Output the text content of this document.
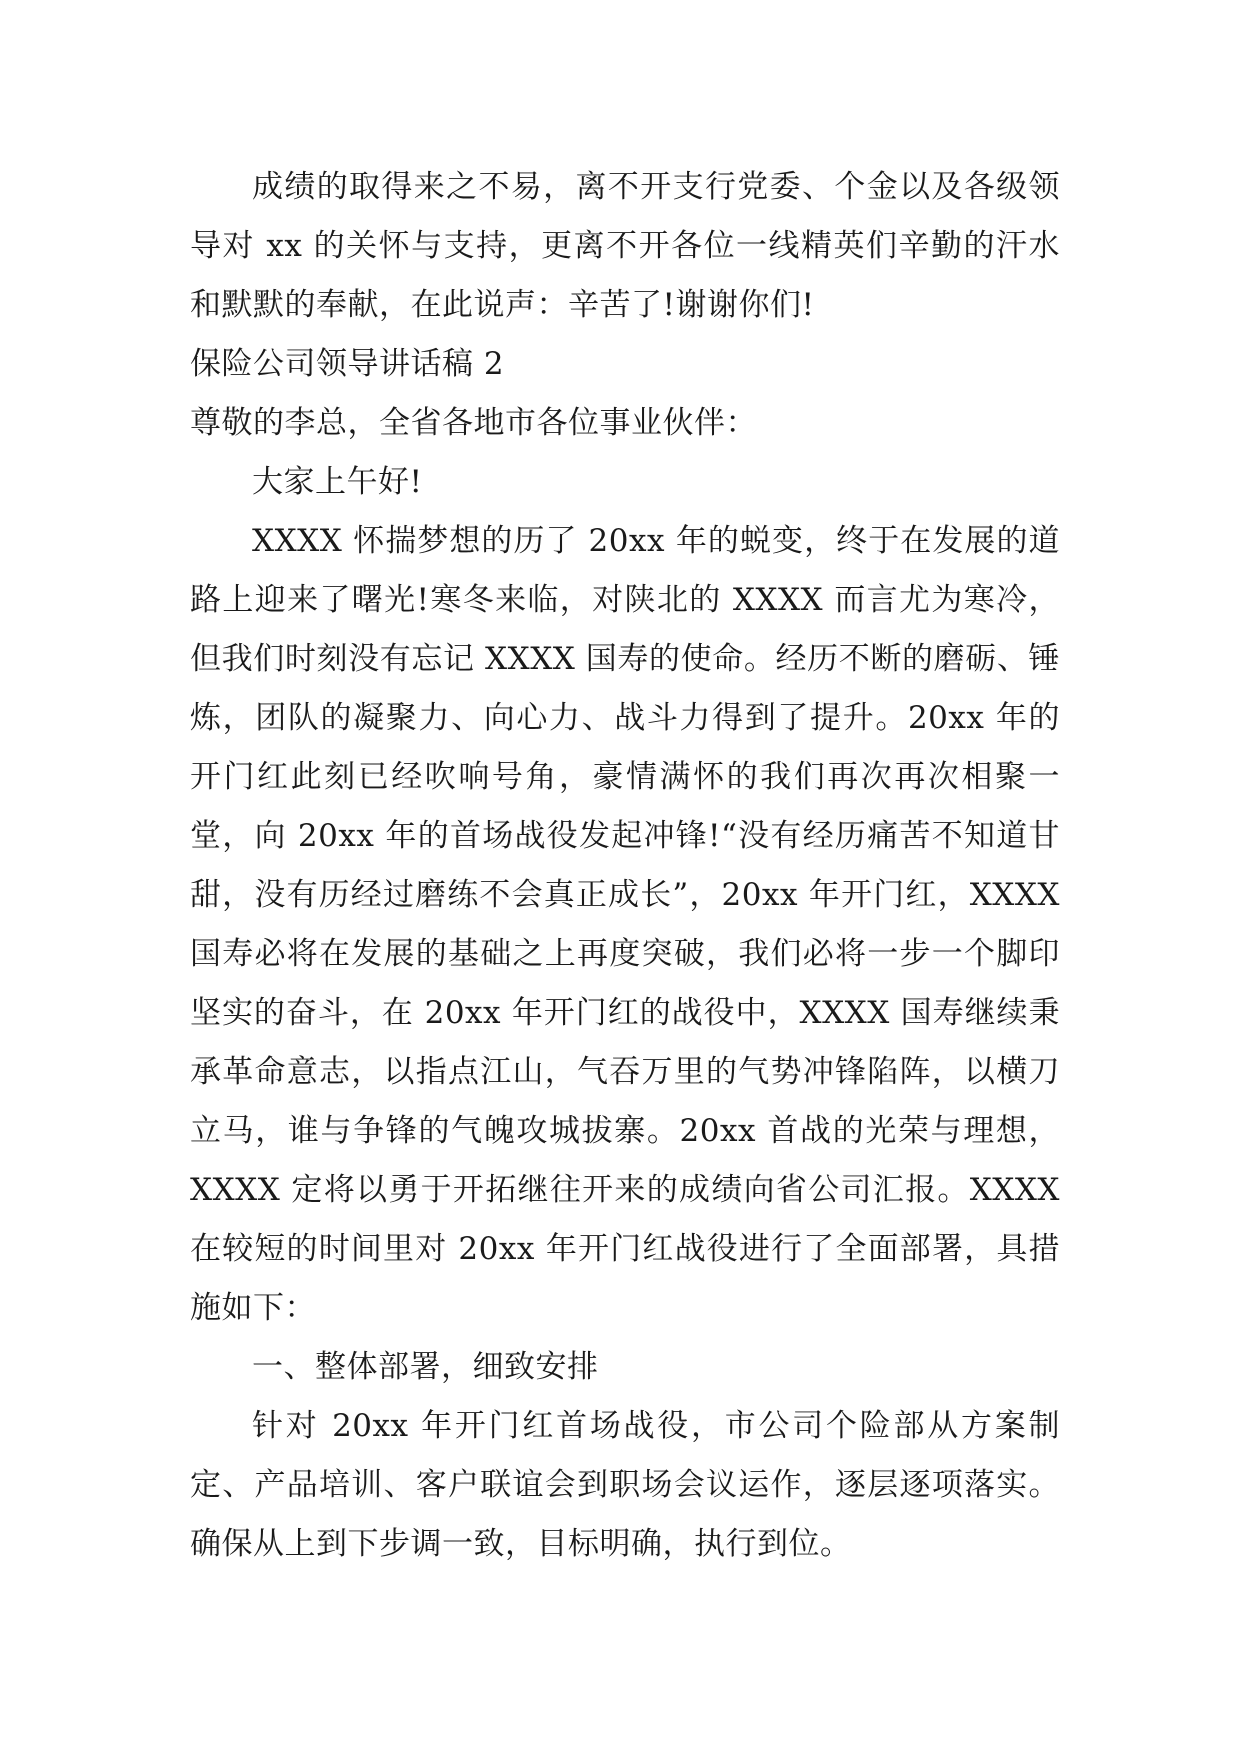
成绩的取得来之不易，离不开支行党委、个金以及各级领导对 xx 的关怀与支持，更离不开各位一线精英们辛勤的汗水和默默的奉献，在此说声：辛苦了!谢谢你们!

保险公司领导讲话稿 2

尊敬的李总，全省各地市各位事业伙伴：

大家上午好!

XXXX 怀揣梦想的历了 20xx 年的蜕变，终于在发展的道路上迎来了曙光!寒冬来临，对陕北的 XXXX 而言尤为寒冷，但我们时刻没有忘记 XXXX 国寿的使命。经历不断的磨砺、锤炼，团队的凝聚力、向心力、战斗力得到了提升。20xx 年的开门红此刻已经吹响号角，豪情满怀的我们再次再次相聚一堂，向 20xx 年的首场战役发起冲锋!“没有经历痛苦不知道甘甜，没有历经过磨练不会真正成长”，20xx 年开门红，XXXX 国寿必将在发展的基础之上再度突破，我们必将一步一个脚印坚实的奋斗，在 20xx 年开门红的战役中，XXXX 国寿继续秉承革命意志，以指点江山，气吞万里的气势冲锋陷阵，以横刀立马，谁与争锋的气魄攻城拔寨。20xx 首战的光荣与理想，XXXX 定将以勇于开拓继往开来的成绩向省公司汇报。XXXX 在较短的时间里对 20xx 年开门红战役进行了全面部署，具措施如下：

一、整体部署，细致安排

针对 20xx 年开门红首场战役，市公司个险部从方案制定、产品培训、客户联谊会到职场会议运作，逐层逐项落实。确保从上到下步调一致，目标明确，执行到位。
